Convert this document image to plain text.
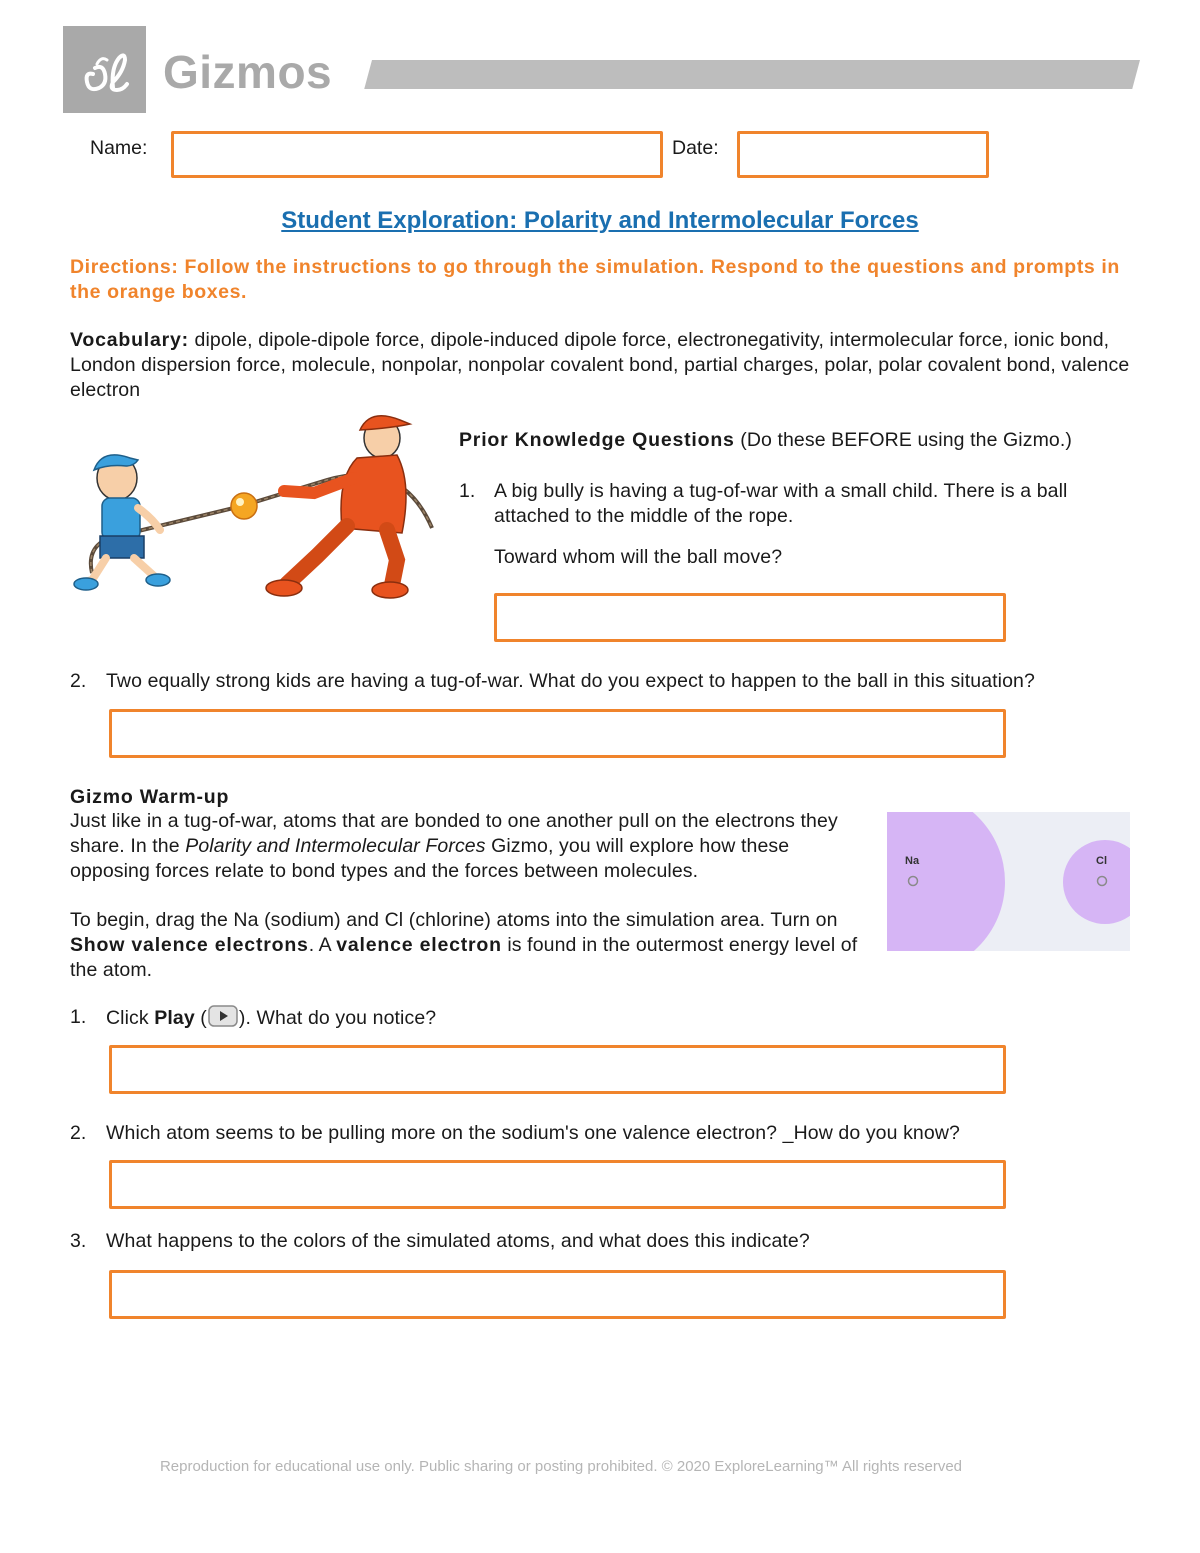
Gizmos
Name:	Date:
Student Exploration: Polarity and Intermolecular Forces
Directions: Follow the instructions to go through the simulation. Respond to the questions and prompts in the orange boxes.
Vocabulary: dipole, dipole-dipole force, dipole-induced dipole force, electronegativity, intermolecular force, ionic bond, London dispersion force, molecule, nonpolar, nonpolar covalent bond, partial charges, polar, polar covalent bond, valence electron
Prior Knowledge Questions (Do these BEFORE using the Gizmo.)
1. A big bully is having a tug-of-war with a small child. There is a ball attached to the middle of the rope.
Toward whom will the ball move?
2. Two equally strong kids are having a tug-of-war. What do you expect to happen to the ball in this situation?
Gizmo Warm-up
Just like in a tug-of-war, atoms that are bonded to one another pull on the electrons they share. In the Polarity and Intermolecular Forces Gizmo, you will explore how these opposing forces relate to bond types and the forces between molecules.
To begin, drag the Na (sodium) and Cl (chlorine) atoms into the simulation area. Turn on Show valence electrons. A valence electron is found in the outermost energy level of the atom.
Na	Cl
1. Click Play ( ). What do you notice?
2. Which atom seems to be pulling more on the sodium's one valence electron? _How do you know?
3. What happens to the colors of the simulated atoms, and what does this indicate?
Reproduction for educational use only. Public sharing or posting prohibited. © 2020 ExploreLearning™ All rights reserved
